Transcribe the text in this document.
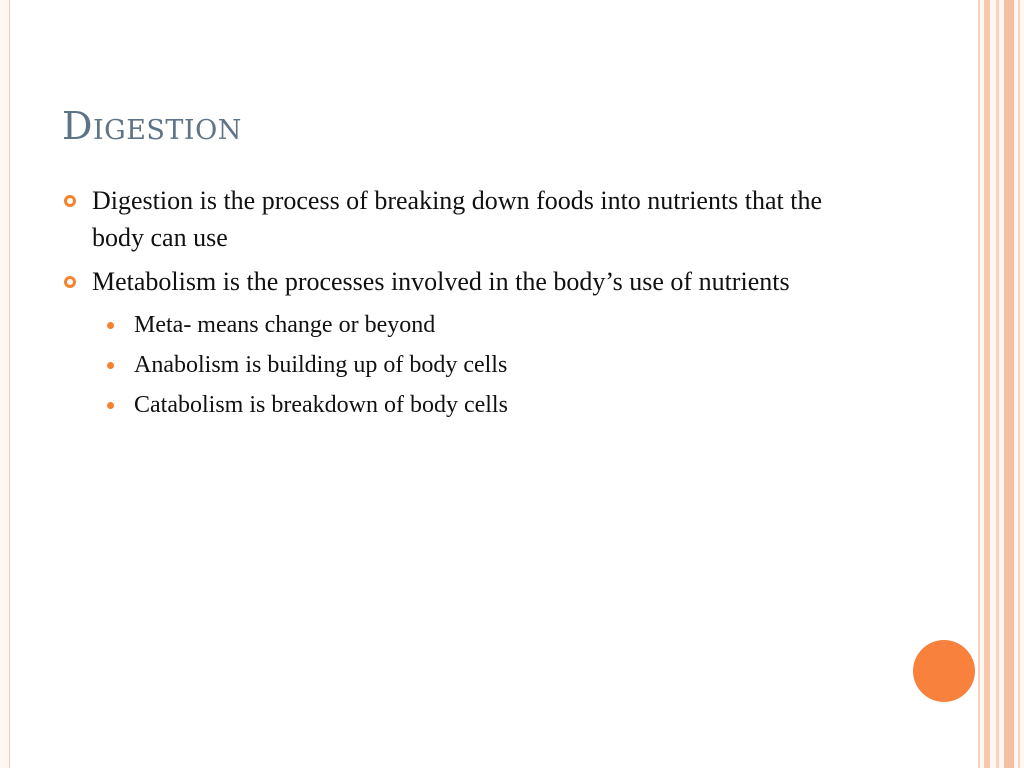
Digestion
Digestion is the process of breaking down foods into nutrients that the body can use
Metabolism is the processes involved in the body’s use of nutrients
Meta- means change or beyond
Anabolism is building up of body cells
Catabolism is breakdown of body cells
